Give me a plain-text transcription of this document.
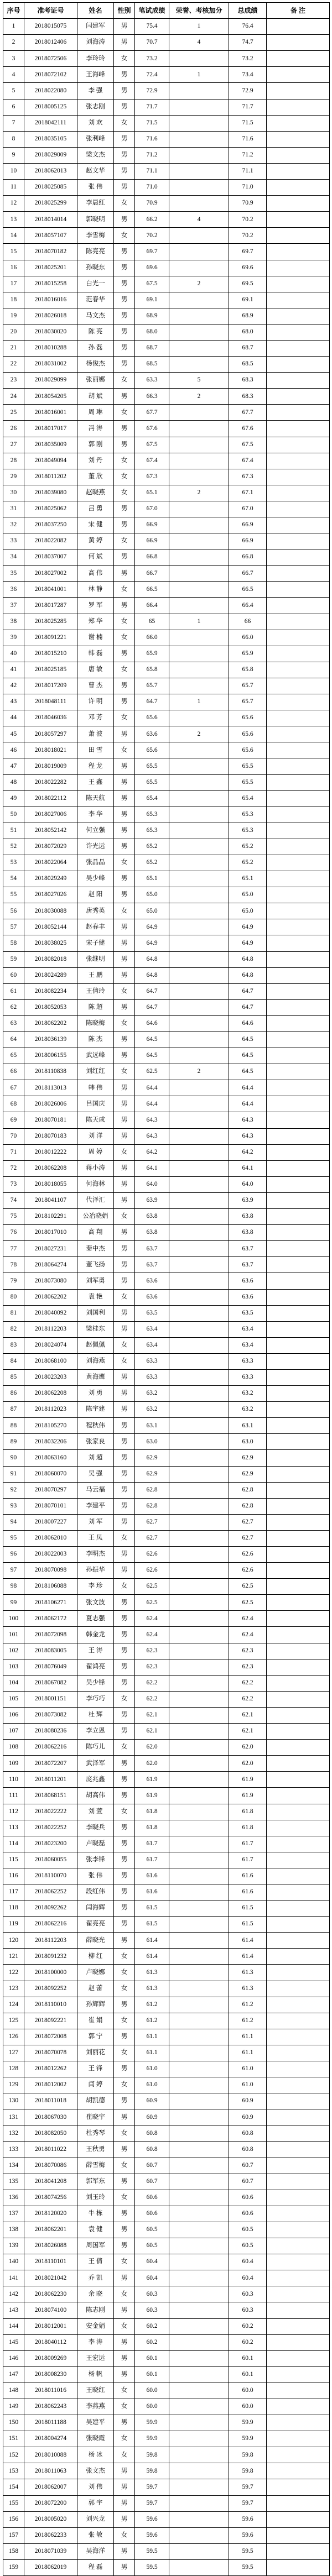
序号	准考证号	姓名	性别	笔试成绩	荣誉、考核加分	总成绩	备 注
1	2018015075	闫建军	男	75.4	1	76.4	
2	2018012406	刘海涛	男	70.7	4	74.7	
3	2018072506	李玲玲	女	73.2		73.2	
4	2018072102	王海峰	男	72.4	1	73.4	
5	2018022080	李 强	男	72.9		72.9	
6	2018005125	张志刚	男	71.7		71.7	
7	2018042111	刘 欢	女	71.5		71.5	
8	2018035105	张利峰	男	71.6		71.6	
9	2018029009	梁文杰	男	71.2		71.2	
10	2018062013	赵文华	男	71.1		71.1	
11	2018025085	张 伟	男	71.0		71.0	
12	2018025299	李晨红	女	70.9		70.9	
13	2018014014	郭晓明	男	66.2	4	70.2	
14	2018057107	李雪梅	女	70.2		70.2	
15	2018070182	陈亮亮	男	69.7		69.7	
16	2018025201	孙晓东	男	69.6		69.6	
17	2018015258	白光一	男	67.5	2	69.5	
18	2018016016	范春华	男	69.1		69.1	
19	2018026018	马文杰	男	68.9		68.9	
20	2018030020	陈 亮	男	68.0		68.0	
21	2018010288	孙 磊	男	68.7		68.7	
22	2018031002	杨俊杰	男	68.5		68.5	
23	2018029099	张丽娜	女	63.3	5	68.3	
24	2018054205	胡 斌	男	66.3	2	68.3	
25	2018016001	周 琳	女	67.7		67.7	
26	2018017017	冯 涛	男	67.6		67.6	
27	2018035009	郭 刚	男	67.5		67.5	
28	2018049094	刘 丹	女	67.4		67.4	
29	2018011202	董 欣	女	67.3		67.3	
30	2018039080	赵晓燕	女	65.1	2	67.1	
31	2018025062	吕 勇	男	67.0		67.0	
32	2018037250	宋 健	男	66.9		66.9	
33	2018022082	黄 婷	女	66.9		66.9	
34	2018037007	何 斌	男	66.8		66.8	
35	2018027002	高 伟	男	66.7		66.7	
36	2018041001	林 静	女	66.5		66.5	
37	2018017287	罗 军	男	66.4		66.4	
38	2018025285	郑 华	女	65	1	66	
39	2018091221	谢 楠	女	66.0		66.0	
40	2018015210	韩 磊	男	65.9		65.9	
41	2018025185	唐 敏	女	65.8		65.8	
42	2018017209	曹 杰	男	65.7		65.7	
43	2018048111	许 明	男	64.7	1	65.7	
44	2018046036	邓 芳	女	65.6		65.6	
45	2018057297	萧 波	男	63.6	2	65.6	
46	2018018021	田 雪	女	65.6		65.6	
47	2018019009	程 龙	男	65.5		65.5	
48	2018022282	王 鑫	男	65.5		65.5	
49	2018022112	陈天航	男	65.4		65.4	
50	2018027006	李 华	男	65.3		65.3	
51	2018052142	何立强	男	65.3		65.3	
52	2018072029	许光远	男	65.2		65.2	
53	2018022064	张晶晶	女	65.2		65.2	
54	2018029249	吴少峰	男	65.1		65.1	
55	2018027026	赵 阳	男	65.0		65.0	
56	2018030088	唐秀英	女	65.0		65.0	
57	2018052144	赵春丰	男	64.9		64.9	
58	2018038025	宋子健	男	64.9		64.9	
59	2018082018	张继明	男	64.8		64.8	
60	2018024289	王 鹏	男	64.8		64.8	
61	2018082234	王倩玲	女	64.7		64.7	
62	2018052053	陈 超	男	64.7		64.7	
63	2018062202	陈晓梅	女	64.6		64.6	
64	2018036139	陈 杰	男	64.5		64.5	
65	2018006155	武远峰	男	64.5		64.5	
66	2018110838	刘红红	女	62.5	2	64.5	
67	2018113013	韩 伟	男	64.4		64.4	
68	2018026006	吕国庆	男	64.4		64.4	
69	2018070181	陈天成	男	64.3		64.3	
70	2018070183	刘 洋	男	64.3		64.3	
71	2018012222	周 婷	女	64.2		64.2	
72	2018062208	蒋小涛	男	64.1		64.1	
73	2018018055	何海林	男	64.0		64.0	
74	2018041107	代泽汇	男	63.9		63.9	
75	2018102291	公冶晓娟	女	63.8		63.8	
76	2018017010	高 翔	男	63.8		63.8	
77	2018027231	秦中杰	男	63.7		63.7	
78	2018064274	董飞扬	男	63.7		63.7	
79	2018073080	刘军勇	男	63.6		63.6	
80	2018062202	袁 艳	女	63.6		63.6	
81	2018040092	刘国利	男	63.5		63.5	
82	2018112203	梁桂东	男	63.4		63.4	
83	2018024074	赵佩佩	女	63.4		63.4	
84	2018068100	刘海燕	女	63.3		63.3	
85	2018023203	黄海鹰	男	63.3		63.3	
86	2018062208	刘 勇	男	63.2		63.2	
87	2018112023	陈宇建	男	63.2		63.2	
88	2018105270	程秋伟	男	63.1		63.1	
89	2018032206	张家良	男	63.0		63.0	
90	2018063160	刘 超	男	62.9		62.9	
91	2018060070	吴 强	男	62.9		62.9	
92	2018070297	马云福	男	62.8		62.8	
93	2018070101	李建平	男	62.8		62.8	
94	2018007227	刘 军	男	62.7		62.7	
95	2018062010	王 凤	女	62.7		62.7	
96	2018022003	李明杰	男	62.6		62.6	
97	2018070098	孙振华	男	62.6		62.6	
98	2018106088	李 珍	女	62.5		62.5	
99	2018106271	张文波	男	62.5		62.5	
100	2018062172	夏志强	男	62.4		62.4	
101	2018072098	韩金龙	男	62.4		62.4	
102	2018083005	王 涛	男	62.3		62.3	
103	2018076049	翟鸿亮	男	62.3		62.3	
104	2018067082	吴少锋	男	62.2		62.2	
105	2018001151	李巧巧	女	62.2		62.2	
106	2018073082	杜 辉	男	62.1		62.1	
107	2018080236	李立恩	男	62.1		62.1	
108	2018062216	陈巧儿	女	62.0		62.0	
109	2018072207	武泽军	男	62.0		62.0	
110	2018011201	庞兆鑫	男	61.9		61.9	
111	2018068151	胡高伟	男	61.9		61.9	
112	2018022222	刘 萱	女	61.8		61.8	
113	2018022252	李晓兵	男	61.8		61.8	
114	2018023200	卢晓磊	男	61.7		61.7	
115	2018060055	张李锋	男	61.7		61.7	
116	2018110070	张 伟	男	61.6		61.6	
117	2018062252	段红伟	男	61.6		61.6	
118	2018092262	闫海辉	男	61.5		61.5	
119	2018062216	翟亮亮	男	61.5		61.5	
120	2018112203	薛晓光	男	61.4		61.4	
121	2018091232	柳 红	女	61.4		61.4	
122	2018100000	卢晓娜	女	61.3		61.3	
123	2018092252	赵 蕾	女	61.3		61.3	
124	2018110010	孙辉辉	男	61.2		61.2	
125	2018092221	崔 娟	女	61.2		61.2	
126	2018072008	郭 宁	男	61.1		61.1	
127	2018070078	刘丽花	女	61.1		61.1	
128	2018012262	王 锋	男	61.0		61.0	
129	2018012002	闫 婷	女	61.0		61.0	
130	2018011018	胡凯德	男	60.9		60.9	
131	2018067030	崔晓宇	男	60.9		60.9	
132	2018082050	杜秀琴	女	60.8		60.8	
133	2018011022	王秋勇	男	60.8		60.8	
134	2018070086	薛雪梅	女	60.7		60.7	
135	2018041208	郭军东	男	60.7		60.7	
136	2018074256	刘玉玲	女	60.6		60.6	
137	2018120020	牛 栋	男	60.6		60.6	
138	2018062201	袁 健	男	60.5		60.5	
139	2018026088	周国军	男	60.5		60.5	
140	2018110101	王 倩	女	60.4		60.4	
141	2018021042	乔 凯	男	60.4		60.4	
142	2018062230	余 晓	女	60.3		60.3	
143	2018074100	陈志刚	男	60.3		60.3	
144	2018012001	安金娟	女	60.2		60.2	
145	2018040112	李 涛	男	60.2		60.2	
146	2018009269	王宏远	男	60.1		60.1	
147	2018008230	杨 帆	男	60.1		60.1	
148	2018011016	王晓红	女	60.0		60.0	
149	2018062243	李燕燕	女	60.0		60.0	
150	2018011188	吴建平	男	59.9		59.9	
151	2018004274	张晓霞	女	59.9		59.9	
152	2018010088	杨 冰	女	59.8		59.8	
153	2018011063	张文杰	男	59.8		59.8	
154	2018062007	刘 伟	男	59.7		59.7	
155	2018072200	郭 宇	男	59.7		59.7	
156	2018005020	刘兴龙	男	59.6		59.6	
157	2018062233	张 敏	女	59.6		59.6	
158	2018071039	吴海洋	男	59.5		59.5	
159	2018062019	程 磊	男	59.5		59.5	
